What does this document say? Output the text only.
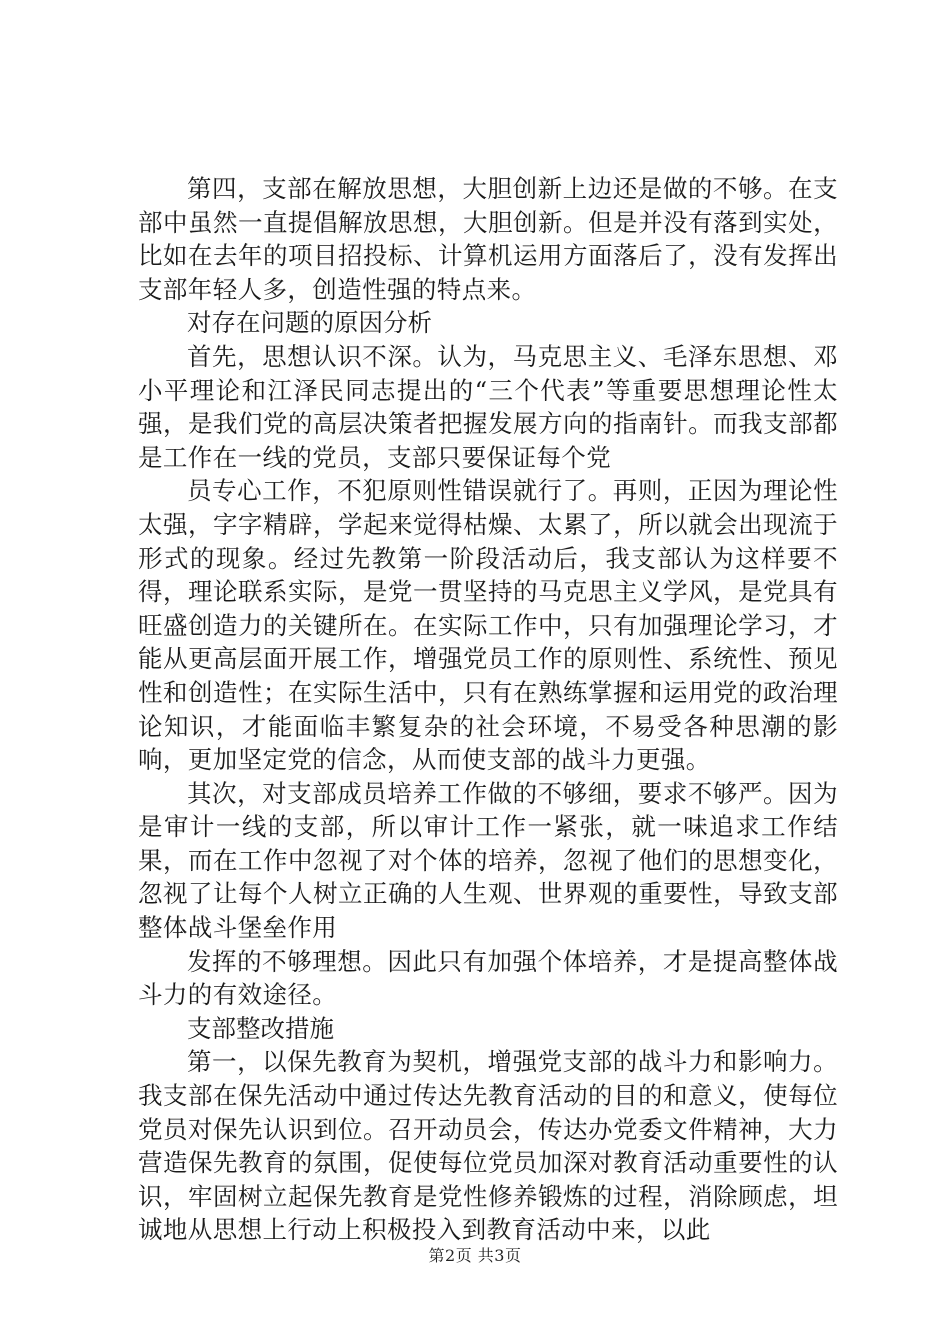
第四，支部在解放思想，大胆创新上边还是做的不够。在支部中虽然一直提倡解放思想，大胆创新。但是并没有落到实处，比如在去年的项目招投标、计算机运用方面落后了，没有发挥出支部年轻人多，创造性强的特点来。

对存在问题的原因分析

首先，思想认识不深。认为，马克思主义、毛泽东思想、邓小平理论和江泽民同志提出的“三个代表”等重要思想理论性太强，是我们党的高层决策者把握发展方向的指南针。而我支部都是工作在一线的党员，支部只要保证每个党

员专心工作，不犯原则性错误就行了。再则，正因为理论性太强，字字精辟，学起来觉得枯燥、太累了，所以就会出现流于形式的现象。经过先教第一阶段活动后，我支部认为这样要不得，理论联系实际，是党一贯坚持的马克思主义学风，是党具有旺盛创造力的关键所在。在实际工作中，只有加强理论学习，才能从更高层面开展工作，增强党员工作的原则性、系统性、预见性和创造性；在实际生活中，只有在熟练掌握和运用党的政治理论知识，才能面临丰繁复杂的社会环境，不易受各种思潮的影响，更加坚定党的信念，从而使支部的战斗力更强。

其次，对支部成员培养工作做的不够细，要求不够严。因为是审计一线的支部，所以审计工作一紧张，就一味追求工作结果，而在工作中忽视了对个体的培养，忽视了他们的思想变化，忽视了让每个人树立正确的人生观、世界观的重要性，导致支部整体战斗堡垒作用

发挥的不够理想。因此只有加强个体培养，才是提高整体战斗力的有效途径。

支部整改措施

第一，以保先教育为契机，增强党支部的战斗力和影响力。我支部在保先活动中通过传达先教育活动的目的和意义，使每位党员对保先认识到位。召开动员会，传达办党委文件精神，大力营造保先教育的氛围，促使每位党员加深对教育活动重要性的认识，牢固树立起保先教育是党性修养锻炼的过程，消除顾虑，坦诚地从思想上行动上积极投入到教育活动中来，以此

第2页 共3页
